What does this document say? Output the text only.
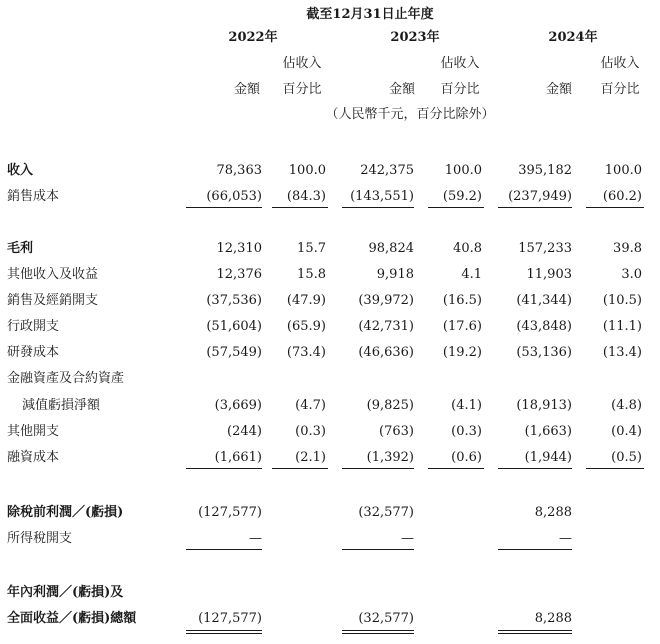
截至12月31日止年度
2022年	2023年	2024年
佔收入	佔收入	佔收入
金額	百分比	金額	百分比	金額	百分比
（人民幣千元，百分比除外）
收入	78,363	100.0	242,375	100.0	395,182	100.0
銷售成本	(66,053)	(84.3)	(143,551)	(59.2)	(237,949)	(60.2)
毛利	12,310	15.7	98,824	40.8	157,233	39.8
其他收入及收益	12,376	15.8	9,918	4.1	11,903	3.0
銷售及經銷開支	(37,536)	(47.9)	(39,972)	(16.5)	(41,344)	(10.5)
行政開支	(51,604)	(65.9)	(42,731)	(17.6)	(43,848)	(11.1)
研發成本	(57,549)	(73.4)	(46,636)	(19.2)	(53,136)	(13.4)
金融資產及合約資產
減值虧損淨額	(3,669)	(4.7)	(9,825)	(4.1)	(18,913)	(4.8)
其他開支	(244)	(0.3)	(763)	(0.3)	(1,663)	(0.4)
融資成本	(1,661)	(2.1)	(1,392)	(0.6)	(1,944)	(0.5)
除稅前利潤／(虧損)	(127,577)	(32,577)	8,288
所得稅開支	—	—	—
年內利潤／(虧損)及
全面收益／(虧損)總額	(127,577)	(32,577)	8,288
